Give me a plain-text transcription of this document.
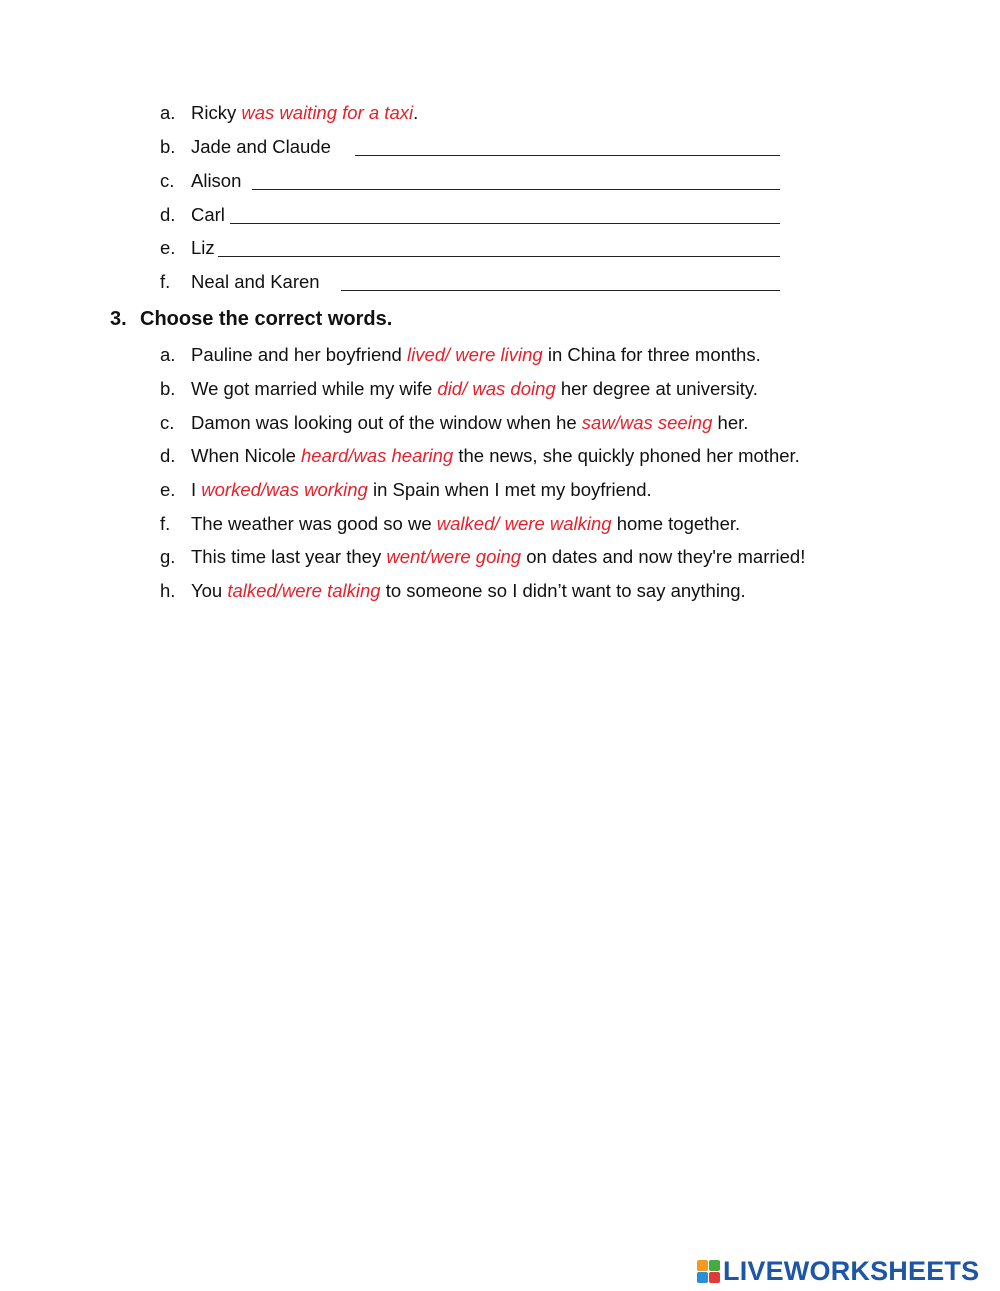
a. Ricky was waiting for a taxi.
b. Jade and Claude
c. Alison
d. Carl
e. Liz
f. Neal and Karen
3. Choose the correct words.
a. Pauline and her boyfriend lived/ were living in China for three months.
b. We got married while my wife did/ was doing her degree at university.
c. Damon was looking out of the window when he saw/was seeing her.
d. When Nicole heard/was hearing the news, she quickly phoned her mother.
e. I worked/was working in Spain when I met my boyfriend.
f. The weather was good so we walked/ were walking home together.
g. This time last year they went/were going on dates and now they're married!
h. You talked/were talking to someone so I didn’t want to say anything.
LIVEWORKSHEETS
